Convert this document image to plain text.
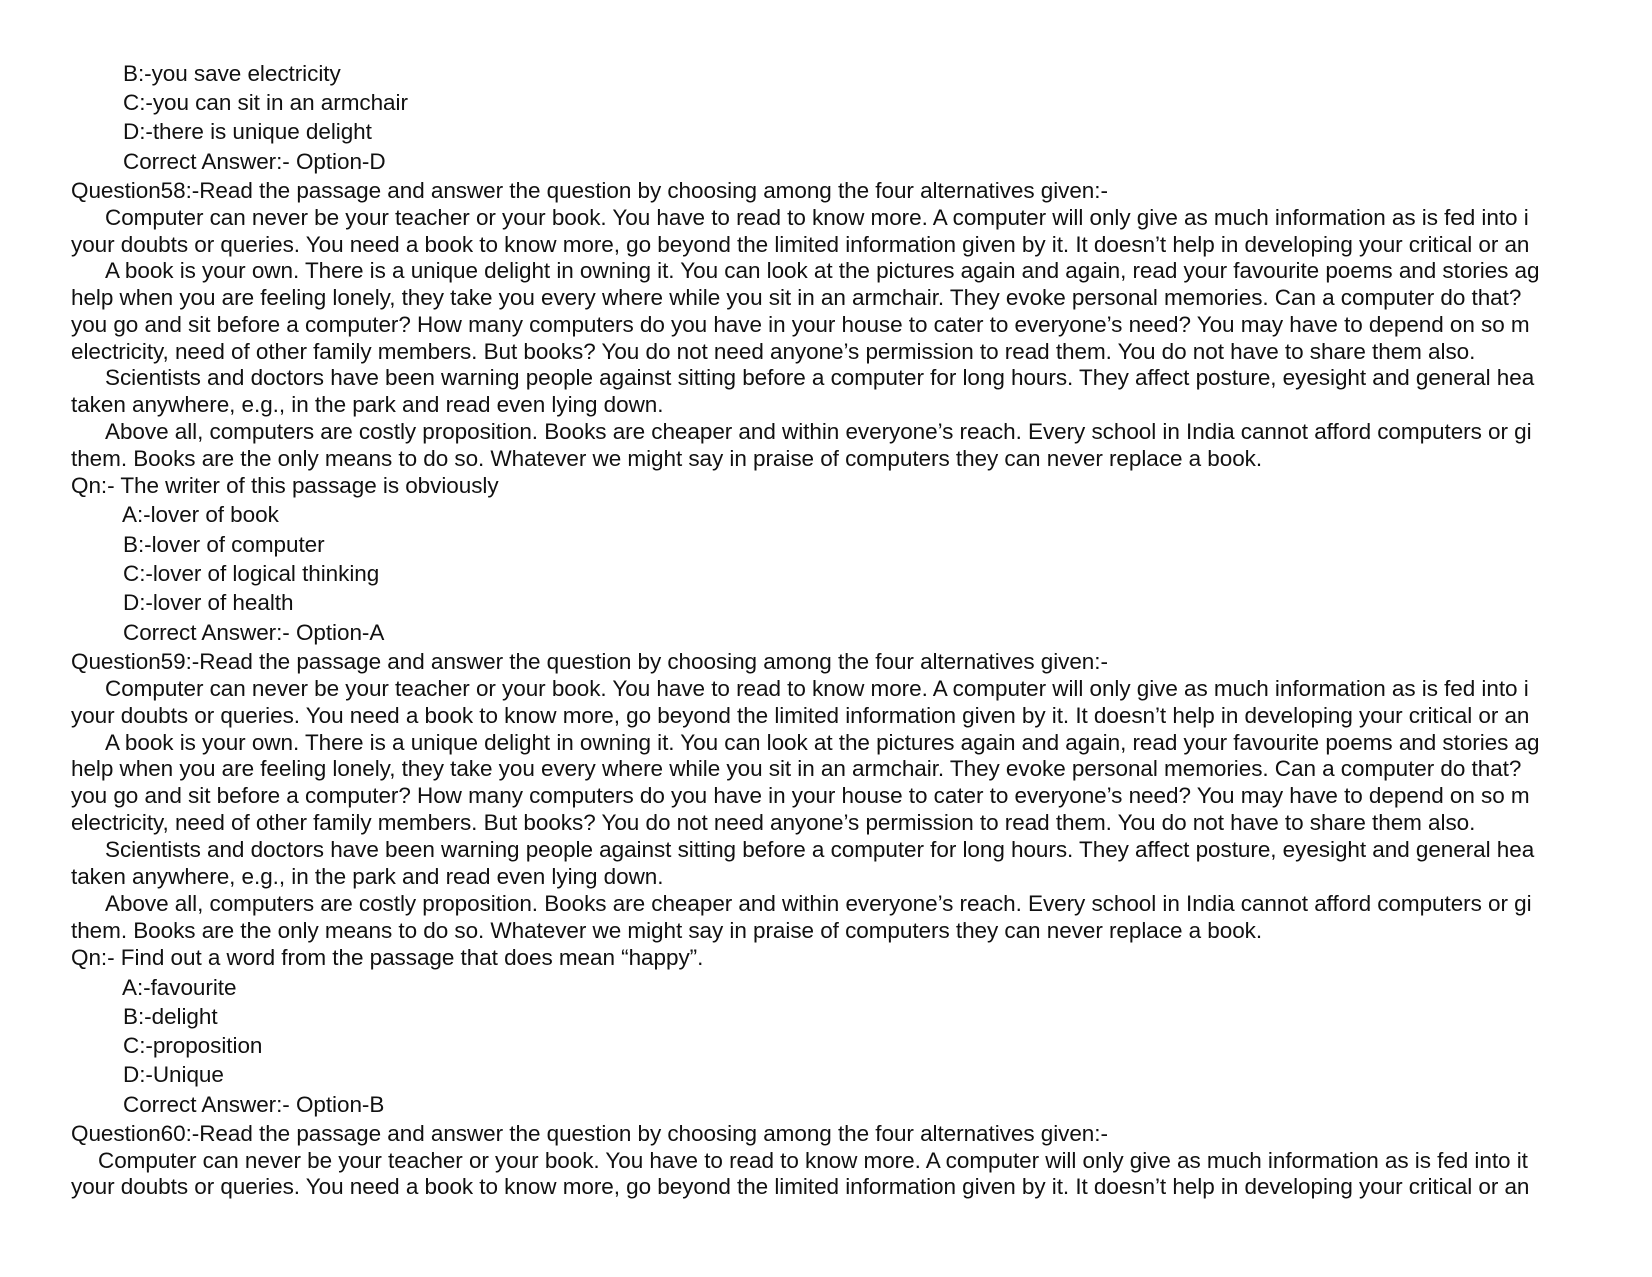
B:-you save electricity
C:-you can sit in an armchair
D:-there is unique delight
Correct Answer:- Option-D
Question58:-Read the passage and answer the question by choosing among the four alternatives given:-
Computer can never be your teacher or your book. You have to read to know more. A computer will only give as much information as is fed into i
your doubts or queries. You need a book to know more, go beyond the limited information given by it. It doesn’t help in developing your critical or an
A book is your own. There is a unique delight in owning it. You can look at the pictures again and again, read your favourite poems and stories ag
help when you are feeling lonely, they take you every where while you sit in an armchair. They evoke personal memories. Can a computer do that?
you go and sit before a computer? How many computers do you have in your house to cater to everyone’s need? You may have to depend on so m
electricity, need of other family members. But books? You do not need anyone’s permission to read them. You do not have to share them also.
Scientists and doctors have been warning people against sitting before a computer for long hours. They affect posture, eyesight and general hea
taken anywhere, e.g., in the park and read even lying down.
Above all, computers are costly proposition. Books are cheaper and within everyone’s reach. Every school in India cannot afford computers or gi
them. Books are the only means to do so. Whatever we might say in praise of computers they can never replace a book.
Qn:- The writer of this passage is obviously
A:-lover of book
B:-lover of computer
C:-lover of logical thinking
D:-lover of health
Correct Answer:- Option-A
Question59:-Read the passage and answer the question by choosing among the four alternatives given:-
Computer can never be your teacher or your book. You have to read to know more. A computer will only give as much information as is fed into i
your doubts or queries. You need a book to know more, go beyond the limited information given by it. It doesn’t help in developing your critical or an
A book is your own. There is a unique delight in owning it. You can look at the pictures again and again, read your favourite poems and stories ag
help when you are feeling lonely, they take you every where while you sit in an armchair. They evoke personal memories. Can a computer do that?
you go and sit before a computer? How many computers do you have in your house to cater to everyone’s need? You may have to depend on so m
electricity, need of other family members. But books? You do not need anyone’s permission to read them. You do not have to share them also.
Scientists and doctors have been warning people against sitting before a computer for long hours. They affect posture, eyesight and general hea
taken anywhere, e.g., in the park and read even lying down.
Above all, computers are costly proposition. Books are cheaper and within everyone’s reach. Every school in India cannot afford computers or gi
them. Books are the only means to do so. Whatever we might say in praise of computers they can never replace a book.
Qn:- Find out a word from the passage that does mean “happy”.
A:-favourite
B:-delight
C:-proposition
D:-Unique
Correct Answer:- Option-B
Question60:-Read the passage and answer the question by choosing among the four alternatives given:-
Computer can never be your teacher or your book. You have to read to know more. A computer will only give as much information as is fed into it
your doubts or queries. You need a book to know more, go beyond the limited information given by it. It doesn’t help in developing your critical or an
